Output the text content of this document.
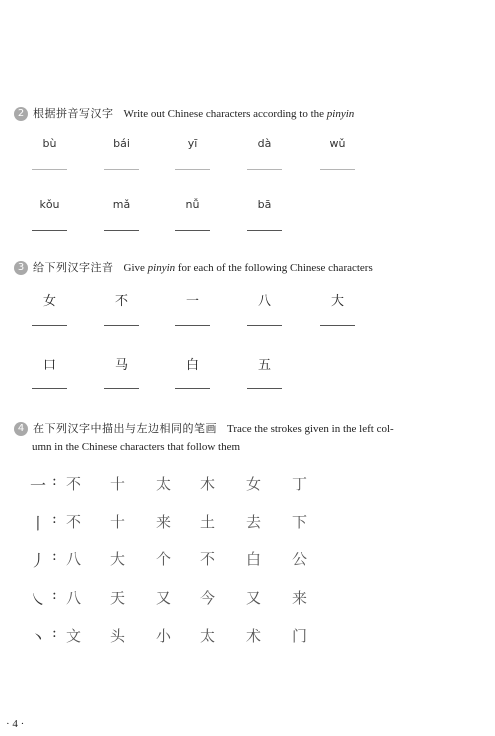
2 根据拼音写汉字 Write out Chinese characters according to the pinyin
bù	bái	yī	dà	wǔ
kǒu	mǎ	nǚ	bā
3 给下列汉字注音 Give pinyin for each of the following Chinese characters
女	不	一	八	大
口	马	白	五
4 在下列汉字中描出与左边相同的笔画 Trace the strokes given in the left col-
umn in the Chinese characters that follow them
一 : 不 十 太 木 女 丁
丨 : 不 十 来 土 去 下
丿 : 八 大 个 不 白 公
㇏ : 八 天 又 今 又 来
丶 : 文 头 小 太 术 门
· 4 ·
